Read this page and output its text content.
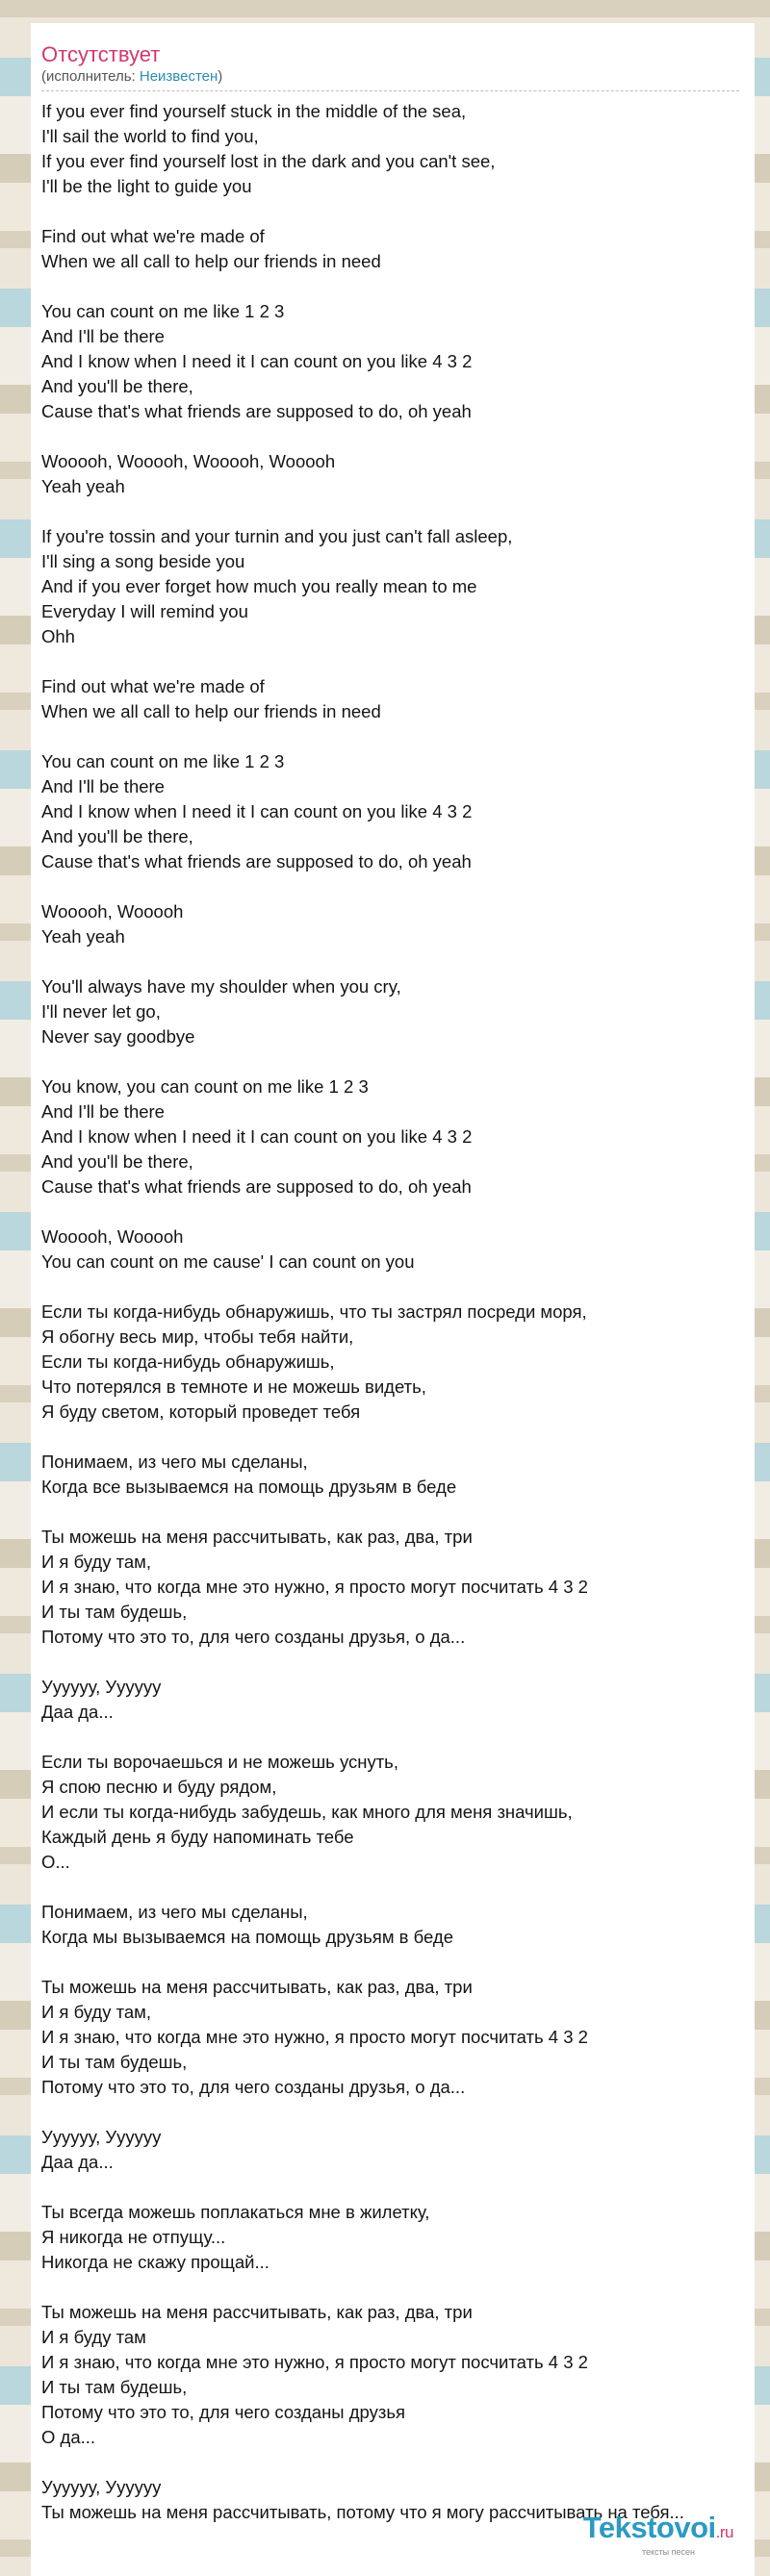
Отсутствует
(исполнитель: Неизвестен)
If you ever find yourself stuck in the middle of the sea,
I'll sail the world to find you,
If you ever find yourself lost in the dark and you can't see,
I'll be the light to guide you
Find out what we're made of
When we all call to help our friends in need
You can count on me like 1 2 3
And I'll be there
And I know when I need it I can count on you like 4 3 2
And you'll be there,
Cause that's what friends are supposed to do, oh yeah
Wooooh, Wooooh, Wooooh, Wooooh
Yeah yeah
If you're tossin and your turnin and you just can't fall asleep,
I'll sing a song beside you
And if you ever forget how much you really mean to me
Everyday I will remind you
Ohh
Find out what we're made of
When we all call to help our friends in need
You can count on me like 1 2 3
And I'll be there
And I know when I need it I can count on you like 4 3 2
And you'll be there,
Cause that's what friends are supposed to do, oh yeah
Wooooh, Wooooh
Yeah yeah
You'll always have my shoulder when you cry,
I'll never let go,
Never say goodbye
You know, you can count on me like 1 2 3
And I'll be there
And I know when I need it I can count on you like 4 3 2
And you'll be there,
Cause that's what friends are supposed to do, oh yeah
Wooooh, Wooooh
You can count on me cause' I can count on you
Если ты когда-нибудь обнаружишь, что ты застрял посреди моря,
Я обогну весь мир, чтобы тебя найти,
Если ты когда-нибудь обнаружишь,
Что потерялся в темноте и не можешь видеть,
Я буду светом, который проведет тебя
Понимаем, из чего мы сделаны,
Когда все вызываемся на помощь друзьям в беде
Ты можешь на меня рассчитывать, как раз, два, три
И я буду там,
И я знаю, что когда мне это нужно, я просто могут посчитать 4 3 2
И ты там будешь,
Потому что это то, для чего созданы друзья, о да...
Уууууу, Уууууу
Даа да...
Если ты ворочаешься и не можешь уснуть,
Я спою песню и буду рядом,
И если ты когда-нибудь забудешь, как много для меня значишь,
Каждый день я буду напоминать тебе
О...
Понимаем, из чего мы сделаны,
Когда мы вызываемся на помощь друзьям в беде
Ты можешь на меня рассчитывать, как раз, два, три
И я буду там,
И я знаю, что когда мне это нужно, я просто могут посчитать 4 3 2
И ты там будешь,
Потому что это то, для чего созданы друзья, о да...
Уууууу, Уууууу
Даа да...
Ты всегда можешь поплакаться мне в жилетку,
Я никогда не отпущу...
Никогда не скажу прощай...
Ты можешь на меня рассчитывать, как раз, два, три
И я буду там
И я знаю, что когда мне это нужно, я просто могут посчитать 4 3 2
И ты там будешь,
Потому что это то, для чего созданы друзья
О да...
Уууууу, Уууууу
Ты можешь на меня рассчитывать, потому что я могу рассчитывать на тебя...
Tekstovoi.ru
тексты песен
